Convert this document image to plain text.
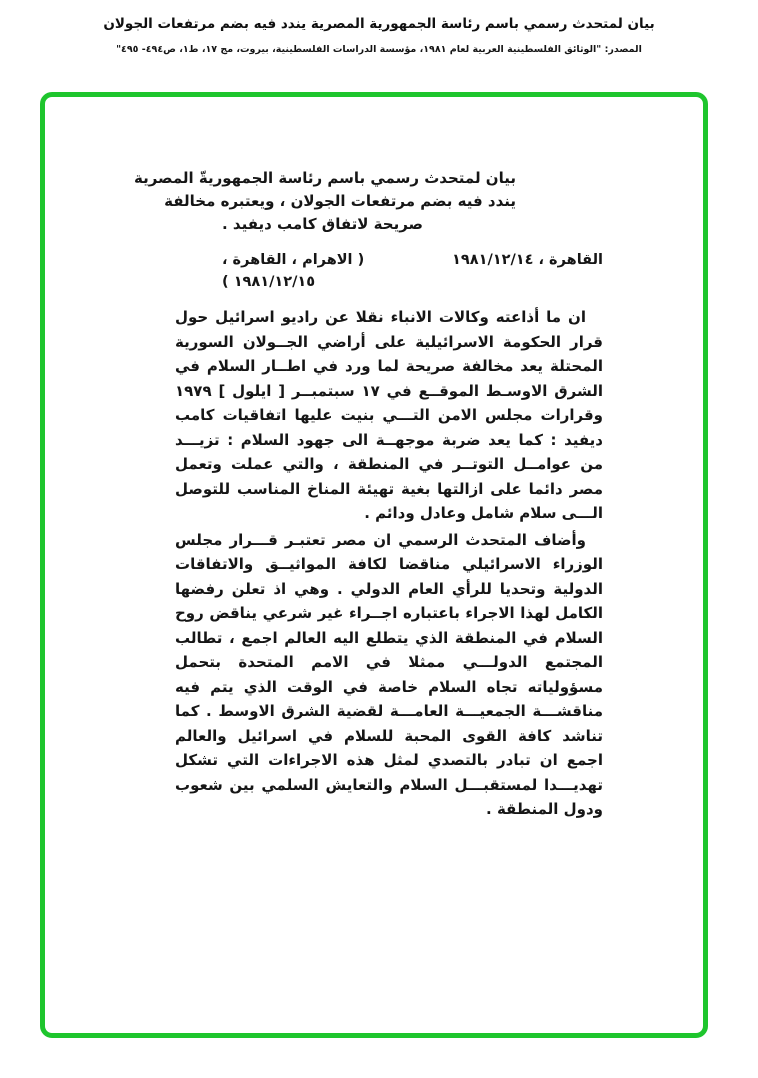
بيان لمتحدث رسمي باسم رئاسة الجمهورية المصرية يندد فيه بضم مرتفعات الجولان
المصدر: "الوثائق الفلسطينية العربية لعام ١٩٨١، مؤسسة الدراسات الفلسطينية، بيروت، مج ١٧، ط١، ص٤٩٤- ٤٩٥"
بيان لمتحدث رسمي باسم رئاسة الجمهوريةّ المصرية
يندد فيه بضم مرتفعات الجولان ، ويعتبره مخالفة
صريحة لاتفاق كامب ديفيد .
القاهرة ، ١٩٨١/١٢/١٤
( الاهرام ، القاهرة ،
١٩٨١/١٢/١٥ )

ان ما أذاعته وكالات الانباء نقلا عن راديو اسرائيل حول قرار الحكومة الاسرائيلية على أراضي الجــولان السورية المحتلة يعد مخالفة صريحة لما ورد في اطــار السلام في الشرق الاوسـط الموقــع في ١٧ سبتمبــر [ ايلول ] ١٩٧٩ وقرارات مجلس الامن التـــي بنيت عليها اتفاقيات كامب ديفيد : كما يعد ضربة موجهــة الى جهود السلام : تزيـــد من عوامــل التوتــر في المنطقة ، والتي عملت وتعمل مصر دائما على ازالتها بغية تهيئة المناخ المناسب للتوصل الـــى سلام شامل وعادل ودائم .

وأضاف المتحدث الرسمي ان مصر تعتبـر قـــرار مجلس الوزراء الاسرائيلي مناقضا لكافة المواثيــق والاتفاقات الدولية وتحديا للرأي العام الدولي . وهي اذ تعلن رفضها الكامل لهذا الاجراء باعتباره اجــراء غير شرعي يناقض روح السلام في المنطقة الذي يتطلع اليه العالم اجمع ، تطالب المجتمع الدولـــي ممثلا في الامم المتحدة بتحمل مسؤولياته تجاه السلام خاصة في الوقت الذي يتم فيه مناقشـــة الجمعيـــة العامـــة لقضية الشرق الاوسط . كما تناشد كافة القوى المحبة للسلام في اسرائيل والعالم اجمع ان تبادر بالتصدي لمثل هذه الاجراءات التي تشكل تهديـــدا لمستقبـــل السلام والتعايش السلمي بين شعوب ودول المنطقة .
